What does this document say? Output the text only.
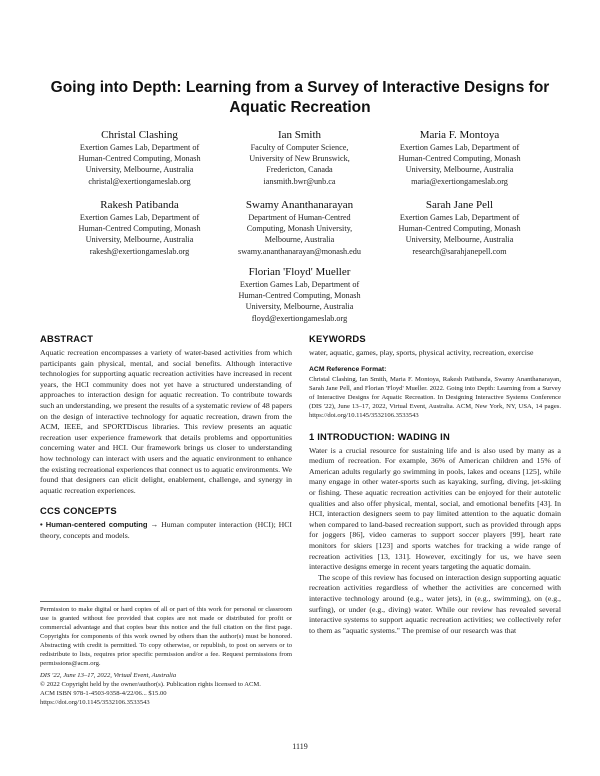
Going into Depth: Learning from a Survey of Interactive Designs for Aquatic Recreation
Christal Clashing
Exertion Games Lab, Department of
Human-Centred Computing, Monash
University, Melbourne, Australia
christal@exertiongameslab.org
Ian Smith
Faculty of Computer Science,
University of New Brunswick,
Fredericton, Canada
iansmith.bwr@unb.ca
Maria F. Montoya
Exertion Games Lab, Department of
Human-Centred Computing, Monash
University, Melbourne, Australia
maria@exertiongameslab.org
Rakesh Patibanda
Exertion Games Lab, Department of
Human-Centred Computing, Monash
University, Melbourne, Australia
rakesh@exertiongameslab.org
Swamy Ananthanarayan
Department of Human-Centred
Computing, Monash University,
Melbourne, Australia
swamy.ananthanarayan@monash.edu
Sarah Jane Pell
Exertion Games Lab, Department of
Human-Centred Computing, Monash
University, Melbourne, Australia
research@sarahjanepell.com
Florian 'Floyd' Mueller
Exertion Games Lab, Department of
Human-Centred Computing, Monash
University, Melbourne, Australia
floyd@exertiongameslab.org
ABSTRACT
Aquatic recreation encompasses a variety of water-based activities from which participants gain physical, mental, and social benefits. Although interactive technologies for supporting aquatic recreation activities have increased in recent years, the HCI community does not yet have a structured understanding of approaches to interaction design for aquatic recreation. To contribute towards such an understanding, we present the results of a systematic review of 48 papers on the design of interactive technology for aquatic recreation, drawn from the ACM, IEEE, and SPORTDiscus libraries. This review presents an aquatic recreation user experience framework that details problems and opportunities concerning water and HCI. Our framework brings us closer to understanding how technology can interact with users and the aquatic environment to enhance the existing recreational experiences that connect us to aquatic environments. We found that designers can elicit delight, enablement, challenge, and synergy in aquatic recreation experiences.
CCS CONCEPTS
• Human-centered computing → Human computer interaction (HCI); HCI theory, concepts and models.
Permission to make digital or hard copies of all or part of this work for personal or classroom use is granted without fee provided that copies are not made or distributed for profit or commercial advantage and that copies bear this notice and the full citation on the first page. Copyrights for components of this work owned by others than the author(s) must be honored. Abstracting with credit is permitted. To copy otherwise, or republish, to post on servers or to redistribute to lists, requires prior specific permission and/or a fee. Request permissions from permissions@acm.org.
DIS '22, June 13–17, 2022, Virtual Event, Australia
© 2022 Copyright held by the owner/author(s). Publication rights licensed to ACM.
ACM ISBN 978-1-4503-9358-4/22/06... $15.00
https://doi.org/10.1145/3532106.3533543
KEYWORDS
water, aquatic, games, play, sports, physical activity, recreation, exercise
ACM Reference Format:
Christal Clashing, Ian Smith, Maria F. Montoya, Rakesh Patibanda, Swamy Ananthanarayan, Sarah Jane Pell, and Florian 'Floyd' Mueller. 2022. Going into Depth: Learning from a Survey of Interactive Designs for Aquatic Recreation. In Designing Interactive Systems Conference (DIS '22), June 13–17, 2022, Virtual Event, Australia. ACM, New York, NY, USA, 14 pages. https://doi.org/10.1145/3532106.3533543
1 INTRODUCTION: WADING IN
Water is a crucial resource for sustaining life and is also used by many as a medium of recreation. For example, 36% of American children and 15% of American adults regularly go swimming in pools, lakes and oceans [125], while many engage in other water-sports such as kayaking, surfing, diving, jet-skiing or fishing. These aquatic recreation activities can be enjoyed for their autotelic qualities and also offer physical, mental, social, and emotional benefits [43]. In HCI, interaction designers seem to pay limited attention to the aquatic domain when compared to land-based recreation support, such as provided through apps for joggers [86], video cameras to support soccer players [99], heart rate monitors for skiers [123] and sports watches for tracking a wide range of recreation activities [13, 131]. However, excitingly for us, we have seen interactive designs emerge in recent years targeting the aquatic domain.
The scope of this review has focused on interaction design supporting aquatic recreation activities regardless of whether the activities are concerned with interactive technology around (e.g., water jets), in (e.g., swimming), on (e.g., surfing), or under (e.g., diving) water. While our review has revealed several interactive systems to support aquatic recreation activities; we collectively refer to them as "aquatic systems." The premise of our research was that
1119
